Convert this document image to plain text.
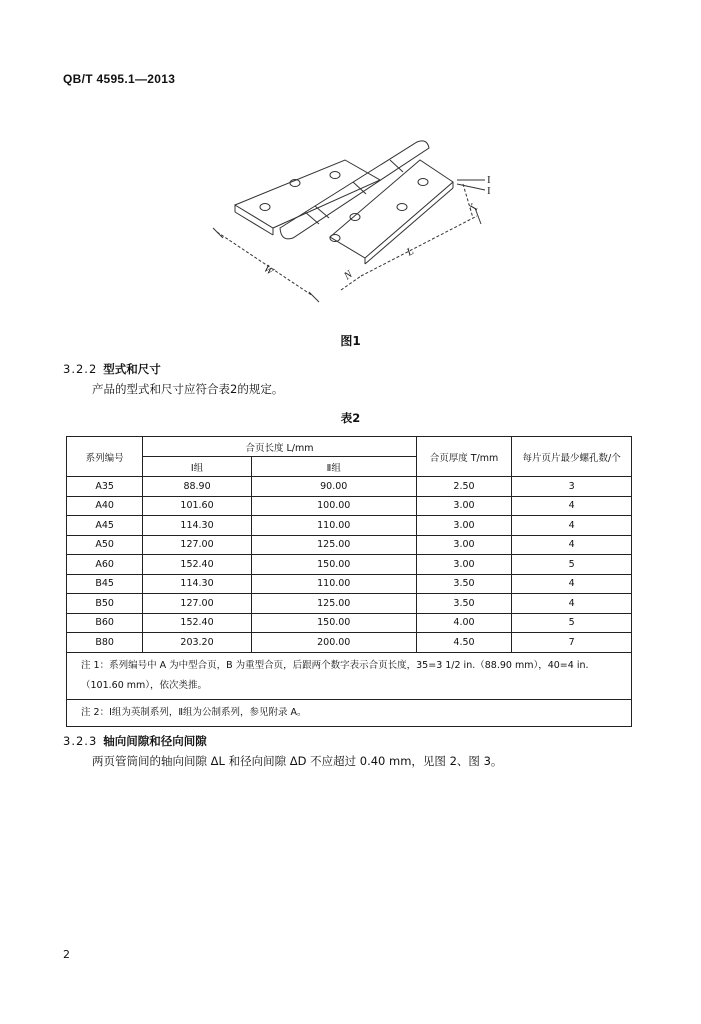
QB/T 4595.1—2013
W	N
L
T
I
I
图1
3.2.2 型式和尺寸
产品的型式和尺寸应符合表2的规定。
表2
系列编号	合页长度 L/mm		合页厚度 T/mm	每片页片最少螺孔数/个
	Ⅰ组	Ⅱ组		
A35	88.90	90.00	2.50	3
A40	101.60	100.00	3.00	4
A45	114.30	110.00	3.00	4
A50	127.00	125.00	3.00	4
A60	152.40	150.00	3.00	5
B45	114.30	110.00	3.50	4
B50	127.00	125.00	3.50	4
B60	152.40	150.00	4.00	5
B80	203.20	200.00	4.50	7
注 1：系列编号中 A 为中型合页，B 为重型合页，后跟两个数字表示合页长度，35=3 1/2 in.（88.90 mm），40=4 in.（101.60 mm），依次类推。				
注 2：Ⅰ组为英制系列，Ⅱ组为公制系列，参见附录 A。				
3.2.3 轴向间隙和径向间隙
两页管筒间的轴向间隙 ΔL 和径向间隙 ΔD 不应超过 0.40 mm，见图 2、图 3。
2
